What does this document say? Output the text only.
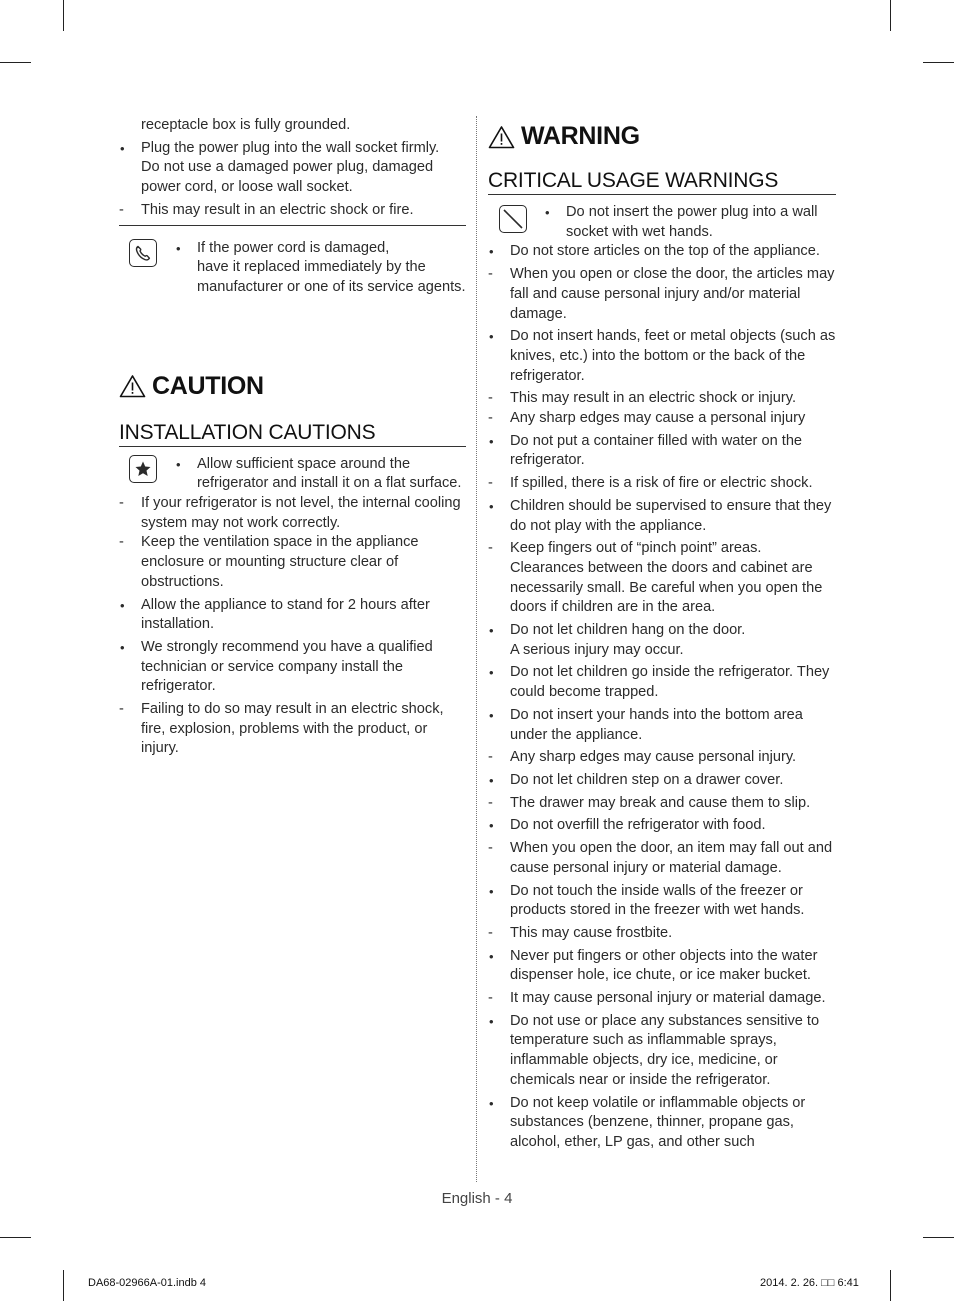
receptacle box is fully grounded.
•	Plug the power plug into the wall socket firmly.
Do not use a damaged power plug, damaged power cord, or loose wall socket.
-	This may result in an electric shock or fire.
•	If the power cord is damaged,
have it replaced immediately by the manufacturer or one of its service agents.
CAUTION
INSTALLATION CAUTIONS
•	Allow sufficient space around the refrigerator and install it on a flat surface.
-	If your refrigerator is not level, the internal cooling system may not work correctly.
-	Keep the ventilation space in the appliance enclosure or mounting structure clear of obstructions.
•	Allow the appliance to stand for 2 hours after installation.
•	We strongly recommend you have a qualified technician or service company install the refrigerator.
-	Failing to do so may result in an electric shock, fire, explosion, problems with the product, or injury.
WARNING
CRITICAL USAGE WARNINGS
•	Do not insert the power plug into a wall socket with wet hands.
•	Do not store articles on the top of the appliance.
-	When you open or close the door, the articles may fall and cause personal injury and/or material damage.
•	Do not insert hands, feet or metal objects (such as knives, etc.) into the bottom or the back of the refrigerator.
-	This may result in an electric shock or injury.
-	Any sharp edges may cause a personal injury
•	Do not put a container filled with water on the refrigerator.
-	If spilled, there is a risk of fire or electric shock.
•	Children should be supervised to ensure that they do not play with the appliance.
-	Keep fingers out of “pinch point” areas. Clearances between the doors and cabinet are necessarily small. Be careful when you open the doors if children are in the area.
•	Do not let children hang on the door.
A serious injury may occur.
•	Do not let children go inside the refrigerator. They could become trapped.
•	Do not insert your hands into the bottom area under the appliance.
-	Any sharp edges may cause personal injury.
•	Do not let children step on a drawer cover.
-	The drawer may break and cause them to slip.
•	Do not overfill the refrigerator with food.
-	When you open the door, an item may fall out and cause personal injury or material damage.
•	Do not touch the inside walls of the freezer or products stored in the freezer with wet hands.
-	This may cause frostbite.
•	Never put fingers or other objects into the water dispenser hole, ice chute, or ice maker bucket.
-	It may cause personal injury or material damage.
•	Do not use or place any substances sensitive to temperature such as inflammable sprays, inflammable objects, dry ice, medicine, or chemicals near or inside the refrigerator.
•	Do not keep volatile or inflammable objects or substances (benzene, thinner, propane gas, alcohol, ether, LP gas, and other such
English - 4
DA68-02966A-01.indb 4	2014. 2. 26. □□ 6:41
